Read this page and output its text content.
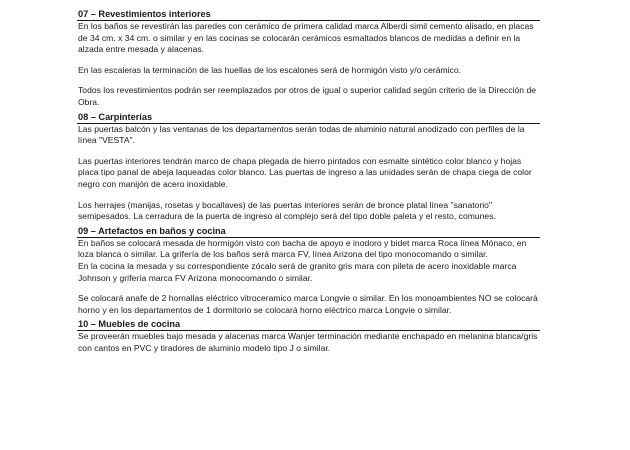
07 – Revestimientos interiores

En los baños se revestirán las paredes con cerámico de primera calidad marca Alberdi simil cemento alisado, en placas de 34 cm. x 34 cm. o similar y en las cocinas se colocarán cerámicos esmaltados blancos de medidas a definir en la alzada entre mesada y alacenas.

En las escaleras la terminación de las huellas de los escalones será de hormigón visto y/o cerámico.

Todos los revestimientos podrán ser reemplazados por otros de igual o superior calidad según criterio de la Dirección de Obra.

08 – Carpinterías

Las puertas balcón y las ventanas de los departamentos serán todas de aluminio natural anodizado con perfiles de la línea "VESTA".

Las puertas interiores tendrán marco de chapa plegada de hierro pintados con esmalte sintético color blanco y hojas placa tipo panal de abeja laqueadas color blanco. Las puertas de ingreso a las unidades serán de chapa ciega de color negro con manijón de acero inoxidable.

Los herrajes (manijas, rosetas y bocallaves) de las puertas interiores serán de bronce platal línea "sanatorio" semipesados. La cerradura de la puerta de ingreso al complejo será del tipo doble paleta y el resto, comunes.

09 – Artefactos en baños y cocina

En baños se colocará mesada de hormigón visto con bacha de apoyo e inodoro y bidet marca Roca línea Mónaco, en loza blanca o similar. La grifería de los baños será marca FV, línea Arizona del tipo monocomando o similar.

En la cocina la mesada y su correspondiente zócalo será de granito gris mara con pileta de acero inoxidable marca Johnson y grifería marca FV Arizona monocomando o similar.

Se colocará anafe de 2 hornallas eléctrico vitroceramico marca Longvie o similar. En los monoambientes NO se colocará horno y en los departamentos de 1 dormitorio se colocará horno eléctrico marca Longvie o similar.

10 – Muebles de cocina

Se proveerán muebles bajo mesada y alacenas marca Wanjer terminación mediante enchapado en melanina blanca/gris con cantos en PVC y tiradores de aluminio modelo tipo J o similar.
